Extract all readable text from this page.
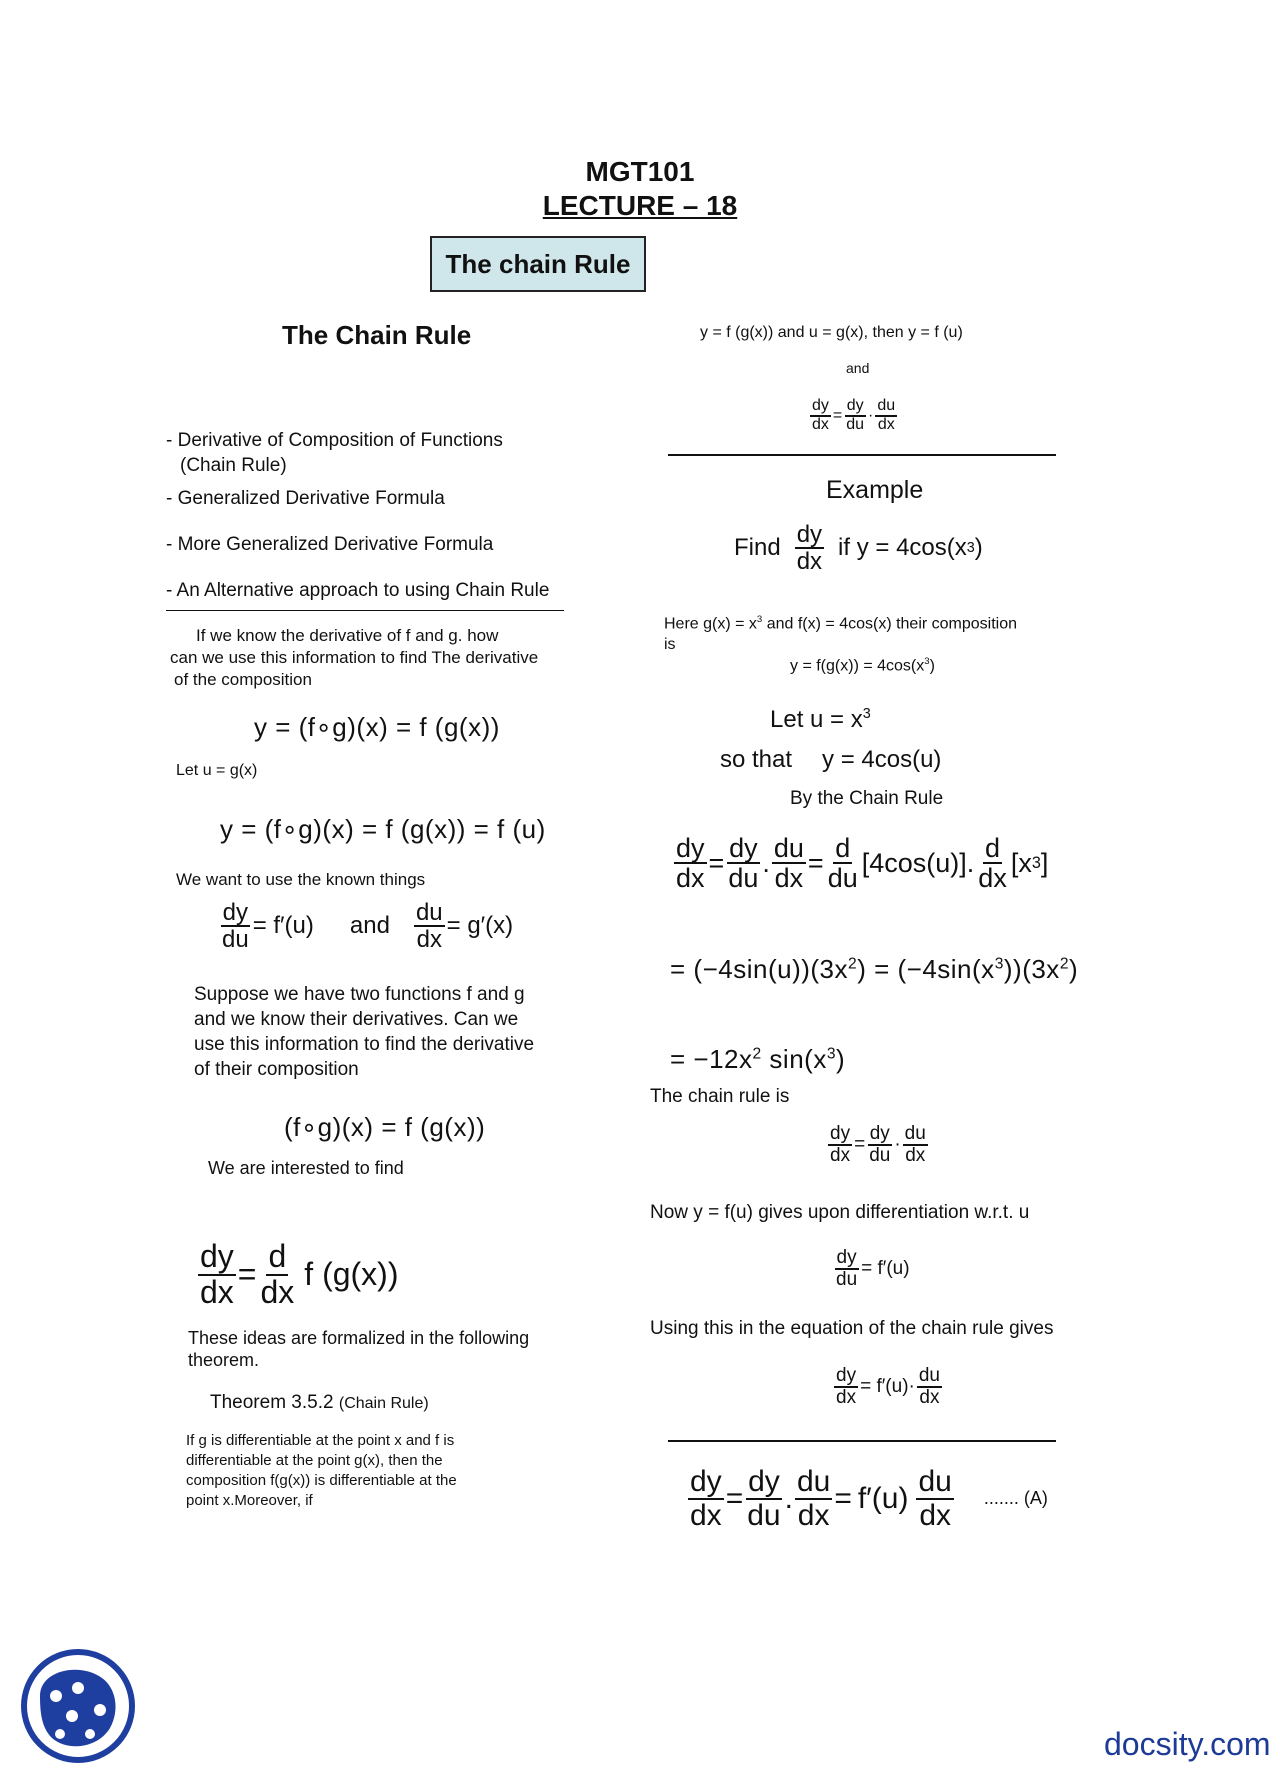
MGT101
LECTURE – 18
The chain Rule
The Chain Rule
- Derivative of Composition of Functions
(Chain Rule)
- Generalized Derivative Formula
- More Generalized Derivative Formula
- An Alternative approach to using Chain Rule
If we know the derivative of f and g. how
can we use this information to find The derivative
of the composition
y = (f∘g)(x) = f (g(x))
Let u = g(x)
y = (f∘g)(x) = f (g(x)) = f (u)
We want to use the known things
$\frac{dy}{du} = f'(u)$ and $\frac{du}{dx} = g'(x)$
Suppose we have two functions f and g
and we know their derivatives. Can we
use this information to find the derivative
of their composition
(f∘g)(x) = f (g(x))
We are interested to find
$\frac{dy}{dx} = \frac{d}{dx}$ f (g(x))
These ideas are formalized in the following
theorem.
Theorem 3.5.2 (Chain Rule)
If g is differentiable at the point x and f is
differentiable at the point g(x), then the
composition f(g(x)) is differentiable at the
point x.Moreover, if
y = f (g(x)) and u = g(x), then y = f (u)
and
$\frac{dy}{dx} = \frac{dy}{du} \cdot \frac{du}{dx}$
Example
Find $\frac{dy}{dx}$ if y = 4cos(x 3 )
Here $g(x) = x^3$ and f(x) = 4cos(x) their composition
is
$y = f(g(x)) = 4\cos(x^3)$
Let $u = x^3$
so that y = 4cos(u)
By the Chain Rule
$\frac{dy}{dx} = \frac{dy}{du}$ . $\frac{du}{dx} = \frac{d}{du} [4\cos(u)]$. $\frac{d}{dx} [x$ 3 ]
= $(-4\sin(u))(3x^2) = (-4\sin(x^3))(3x^2)$
= $-12x^2$ $\sin(x^3)$
The chain rule is
$\frac{dy}{dx} = \frac{dy}{du} \cdot \frac{du}{dx}$
Now y = f(u) gives upon differentiation w.r.t. u
$\frac{dy}{du} = f'(u)$
Using this in the equation of the chain rule gives
$\frac{dy}{dx} = f'(u)\cdot \frac{du}{dx}$
$\frac{dy}{dx} = \frac{dy}{du}$ . $\frac{du}{dx} = f'(u) \frac{du}{dx}$ ....... (A)
docsity.com
